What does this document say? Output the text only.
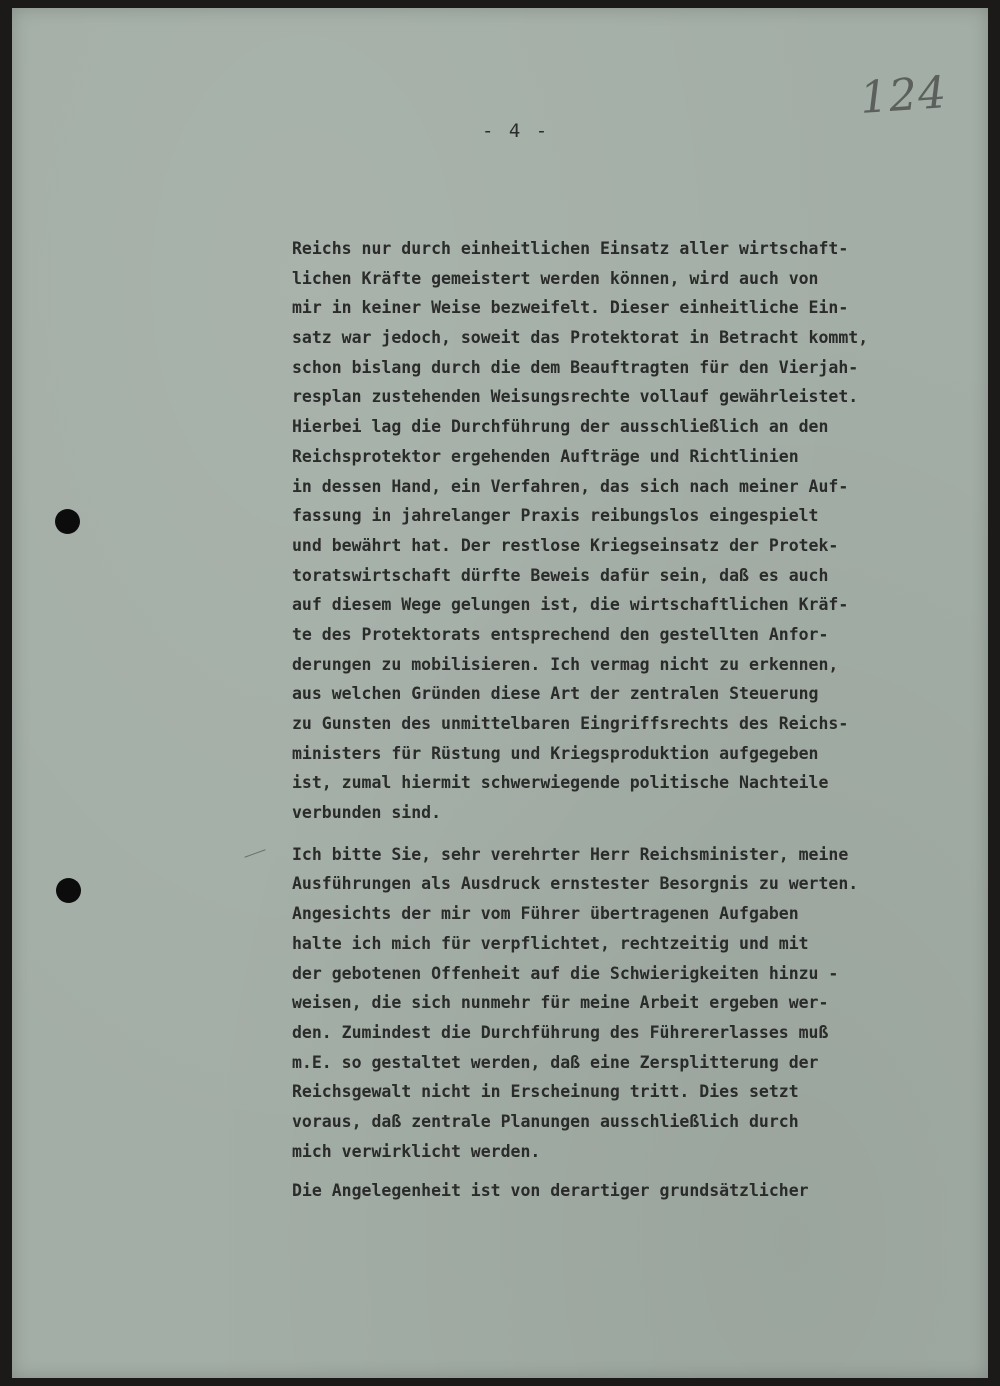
- 4 -

124

Reichs nur durch einheitlichen Einsatz aller wirtschaft-
lichen Kräfte gemeistert werden können, wird auch von
mir in keiner Weise bezweifelt. Dieser einheitliche Ein-
satz war jedoch, soweit das Protektorat in Betracht kommt,
schon bislang durch die dem Beauftragten für den Vierjah-
resplan zustehenden Weisungsrechte vollauf gewährleistet.
Hierbei lag die Durchführung der ausschließlich an den
Reichsprotektor ergehenden Aufträge und Richtlinien
in dessen Hand, ein Verfahren, das sich nach meiner Auf-
fassung in jahrelanger Praxis reibungslos eingespielt
und bewährt hat. Der restlose Kriegseinsatz der Protek-
toratswirtschaft dürfte Beweis dafür sein, daß es auch
auf diesem Wege gelungen ist, die wirtschaftlichen Kräf-
te des Protektorats entsprechend den gestellten Anfor-
derungen zu mobilisieren. Ich vermag nicht zu erkennen,
aus welchen Gründen diese Art der zentralen Steuerung
zu Gunsten des unmittelbaren Eingriffsrechts des Reichs-
ministers für Rüstung und Kriegsproduktion aufgegeben
ist, zumal hiermit schwerwiegende politische Nachteile
verbunden sind.
Ich bitte Sie, sehr verehrter Herr Reichsminister, meine
Ausführungen als Ausdruck ernstester Besorgnis zu werten.
Angesichts der mir vom Führer übertragenen Aufgaben
halte ich mich für verpflichtet, rechtzeitig und mit
der gebotenen Offenheit auf die Schwierigkeiten hinzu -
weisen, die sich nunmehr für meine Arbeit ergeben wer-
den. Zumindest die Durchführung des Führererlasses muß
m.E. so gestaltet werden, daß eine Zersplitterung der
Reichsgewalt nicht in Erscheinung tritt. Dies setzt
voraus, daß zentrale Planungen ausschließlich durch
mich verwirklicht werden.
Die Angelegenheit ist von derartiger grundsätzlicher
